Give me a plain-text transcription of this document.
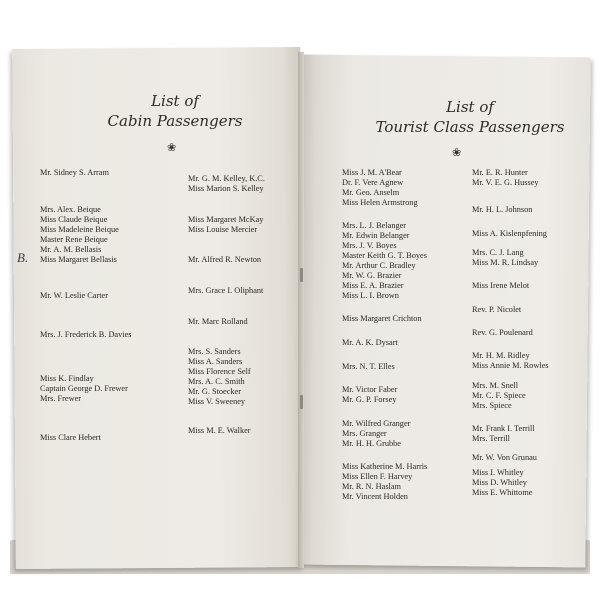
List of
Cabin Passengers
❀
B.
List of
Tourist Class Passengers
❀
Mr. Sidney S. Arram
Mrs. Alex. Beique
Miss Claude Beique
Miss Madeleine Beique
Master Rene Beique
Mr. A. M. Bellasis
Miss Margaret Bellasis
Mr. W. Leslie Carter
Mrs. J. Frederick B. Davies
Miss K. Findlay
Captain George D. Frewer
Mrs. Frewer
Miss Clare Hebert
Mr. G. M. Kelley, K.C.
Miss Marion S. Kelley
Miss Margaret McKay
Miss Louise Mercier
Mr. Alfred R. Newton
Mrs. Grace I. Oliphant
Mr. Marc Rolland
Mrs. S. Sanders
Miss A. Sanders
Miss Florence Self
Mrs. A. C. Smith
Mr. G. Stoecker
Miss V. Sweeney
Miss M. E. Walker
Miss J. M. A'Bear
Dr. F. Vere Agnew
Mr. Geo. Anselm
Miss Helen Armstrong
Mrs. L. J. Belanger
Mr. Edwin Belanger
Mrs. J. V. Boyes
Master Keith G. T. Boyes
Mr. Arthur C. Bradley
Mr. W. G. Brazier
Miss E. A. Brazier
Miss L. I. Brown
Miss Margaret Crichton
Mr. A. K. Dysart
Mrs. N. T. Elles
Mr. Victor Faber
Mr. G. P. Forsey
Mr. Wilfred Granger
Mrs. Granger
Mr. H. H. Grubbe
Miss Katherine M. Harris
Miss Ellen F. Harvey
Mr. R. N. Haslam
Mr. Vincent Holden
Mr. E. R. Hunter
Mr. V. E. G. Hussey
Mr. H. L. Johnson
Miss A. Kislenpfening
Mrs. C. J. Lang
Miss M. R. Lindsay
Miss Irene Melot
Rev. P. Nicolet
Rev. G. Poulenard
Mr. H. M. Ridley
Miss Annie M. Rowles
Mrs. M. Snell
Mr. C. F. Spiece
Mrs. Spiece
Mr. Frank I. Terrill
Mrs. Terrill
Mr. W. Von Grunau
Miss I. Whitley
Miss D. Whitley
Miss E. Whittome
